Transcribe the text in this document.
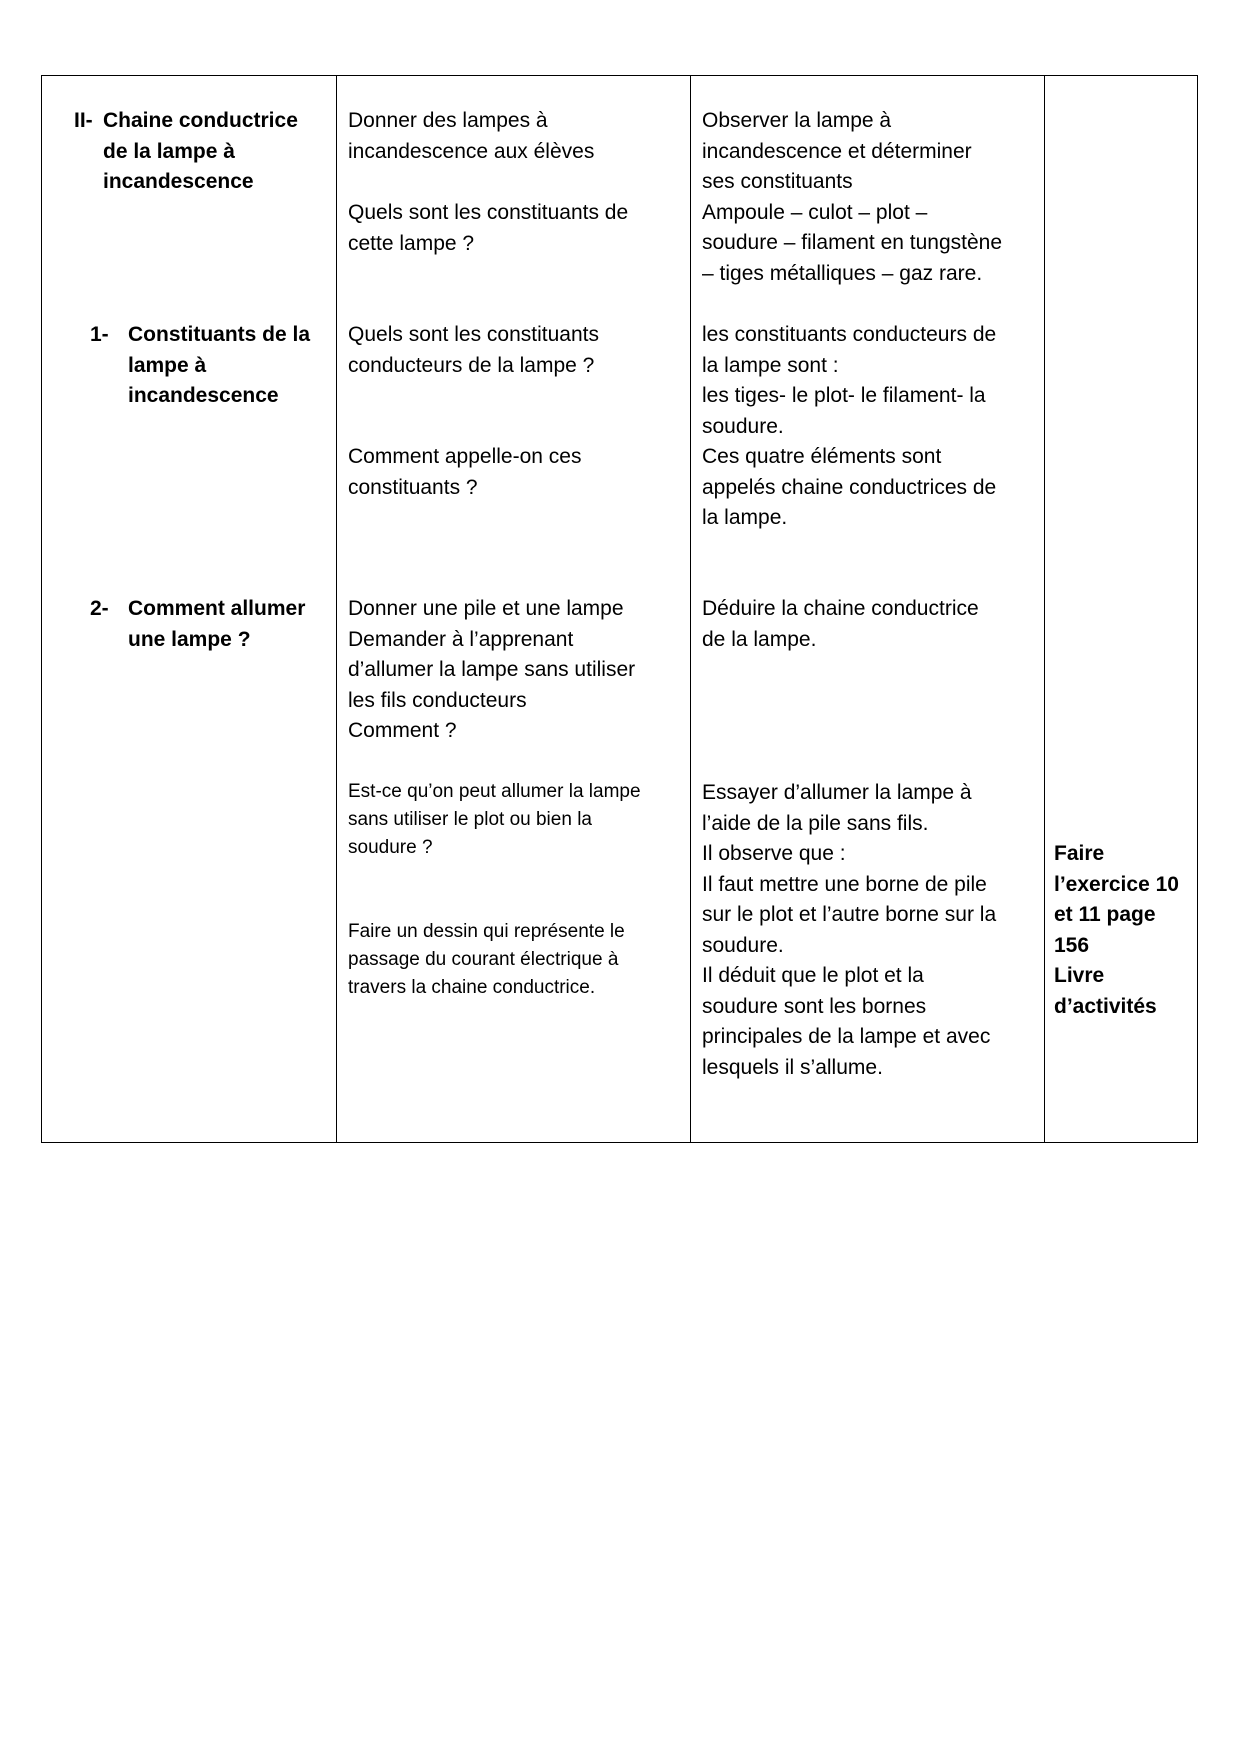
II- Chaine conductrice
de la lampe à
incandescence
1- Constituants de la
lampe à
incandescence
2- Comment allumer
une lampe ?
Donner des lampes à
incandescence aux élèves
Quels sont les constituants de
cette lampe ?
Quels sont les constituants
conducteurs de la lampe ?
Comment appelle-on ces
constituants ?
Donner une pile et une lampe
Demander à l’apprenant
d’allumer la lampe sans utiliser
les fils conducteurs
Comment ?
Est-ce qu’on peut allumer la lampe
sans utiliser le plot ou bien la
soudure ?
Faire un dessin qui représente le
passage du courant électrique à
travers la chaine conductrice.
Observer la lampe à
incandescence et déterminer
ses constituants
Ampoule – culot – plot –
soudure – filament en tungstène
– tiges métalliques – gaz rare.
les constituants conducteurs de
la lampe sont :
les tiges- le plot- le filament- la
soudure.
Ces quatre éléments sont
appelés chaine conductrices de
la lampe.
Déduire la chaine conductrice
de la lampe.
Essayer d’allumer la lampe à
l’aide de la pile sans fils.
Il observe que :
Il faut mettre une borne de pile
sur le plot et l’autre borne sur la
soudure.
Il déduit que le plot et la
soudure sont les bornes
principales de la lampe et avec
lesquels il s’allume.
Faire
l’exercice 10
et 11 page
156
Livre
d’activités
